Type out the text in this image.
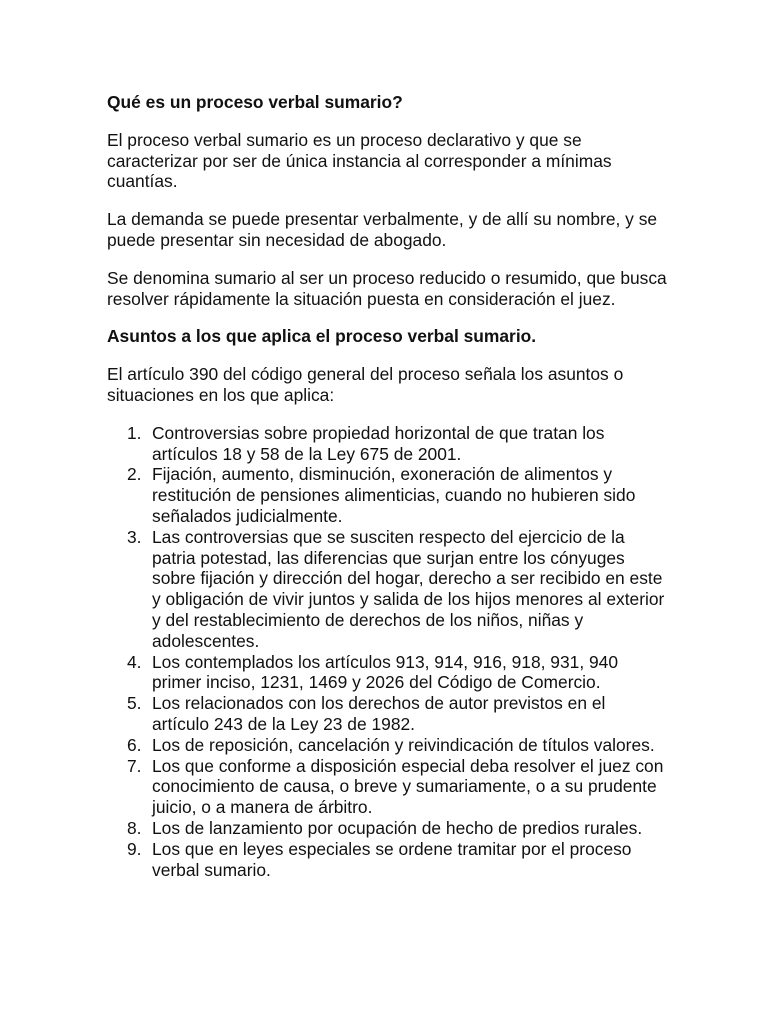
Qué es un proceso verbal sumario?

El proceso verbal sumario es un proceso declarativo y que se caracterizar por ser de única instancia al corresponder a mínimas cuantías.

La demanda se puede presentar verbalmente, y de allí su nombre, y se puede presentar sin necesidad de abogado.

Se denomina sumario al ser un proceso reducido o resumido, que busca resolver rápidamente la situación puesta en consideración el juez.

Asuntos a los que aplica el proceso verbal sumario.

El artículo 390 del código general del proceso señala los asuntos o situaciones en los que aplica:

1. Controversias sobre propiedad horizontal de que tratan los artículos 18 y 58 de la Ley 675 de 2001.
2. Fijación, aumento, disminución, exoneración de alimentos y restitución de pensiones alimenticias, cuando no hubieren sido señalados judicialmente.
3. Las controversias que se susciten respecto del ejercicio de la patria potestad, las diferencias que surjan entre los cónyuges sobre fijación y dirección del hogar, derecho a ser recibido en este y obligación de vivir juntos y salida de los hijos menores al exterior y del restablecimiento de derechos de los niños, niñas y adolescentes.
4. Los contemplados los artículos 913, 914, 916, 918, 931, 940 primer inciso, 1231, 1469 y 2026 del Código de Comercio.
5. Los relacionados con los derechos de autor previstos en el artículo 243 de la Ley 23 de 1982.
6. Los de reposición, cancelación y reivindicación de títulos valores.
7. Los que conforme a disposición especial deba resolver el juez con conocimiento de causa, o breve y sumariamente, o a su prudente juicio, o a manera de árbitro.
8. Los de lanzamiento por ocupación de hecho de predios rurales.
9. Los que en leyes especiales se ordene tramitar por el proceso verbal sumario.
